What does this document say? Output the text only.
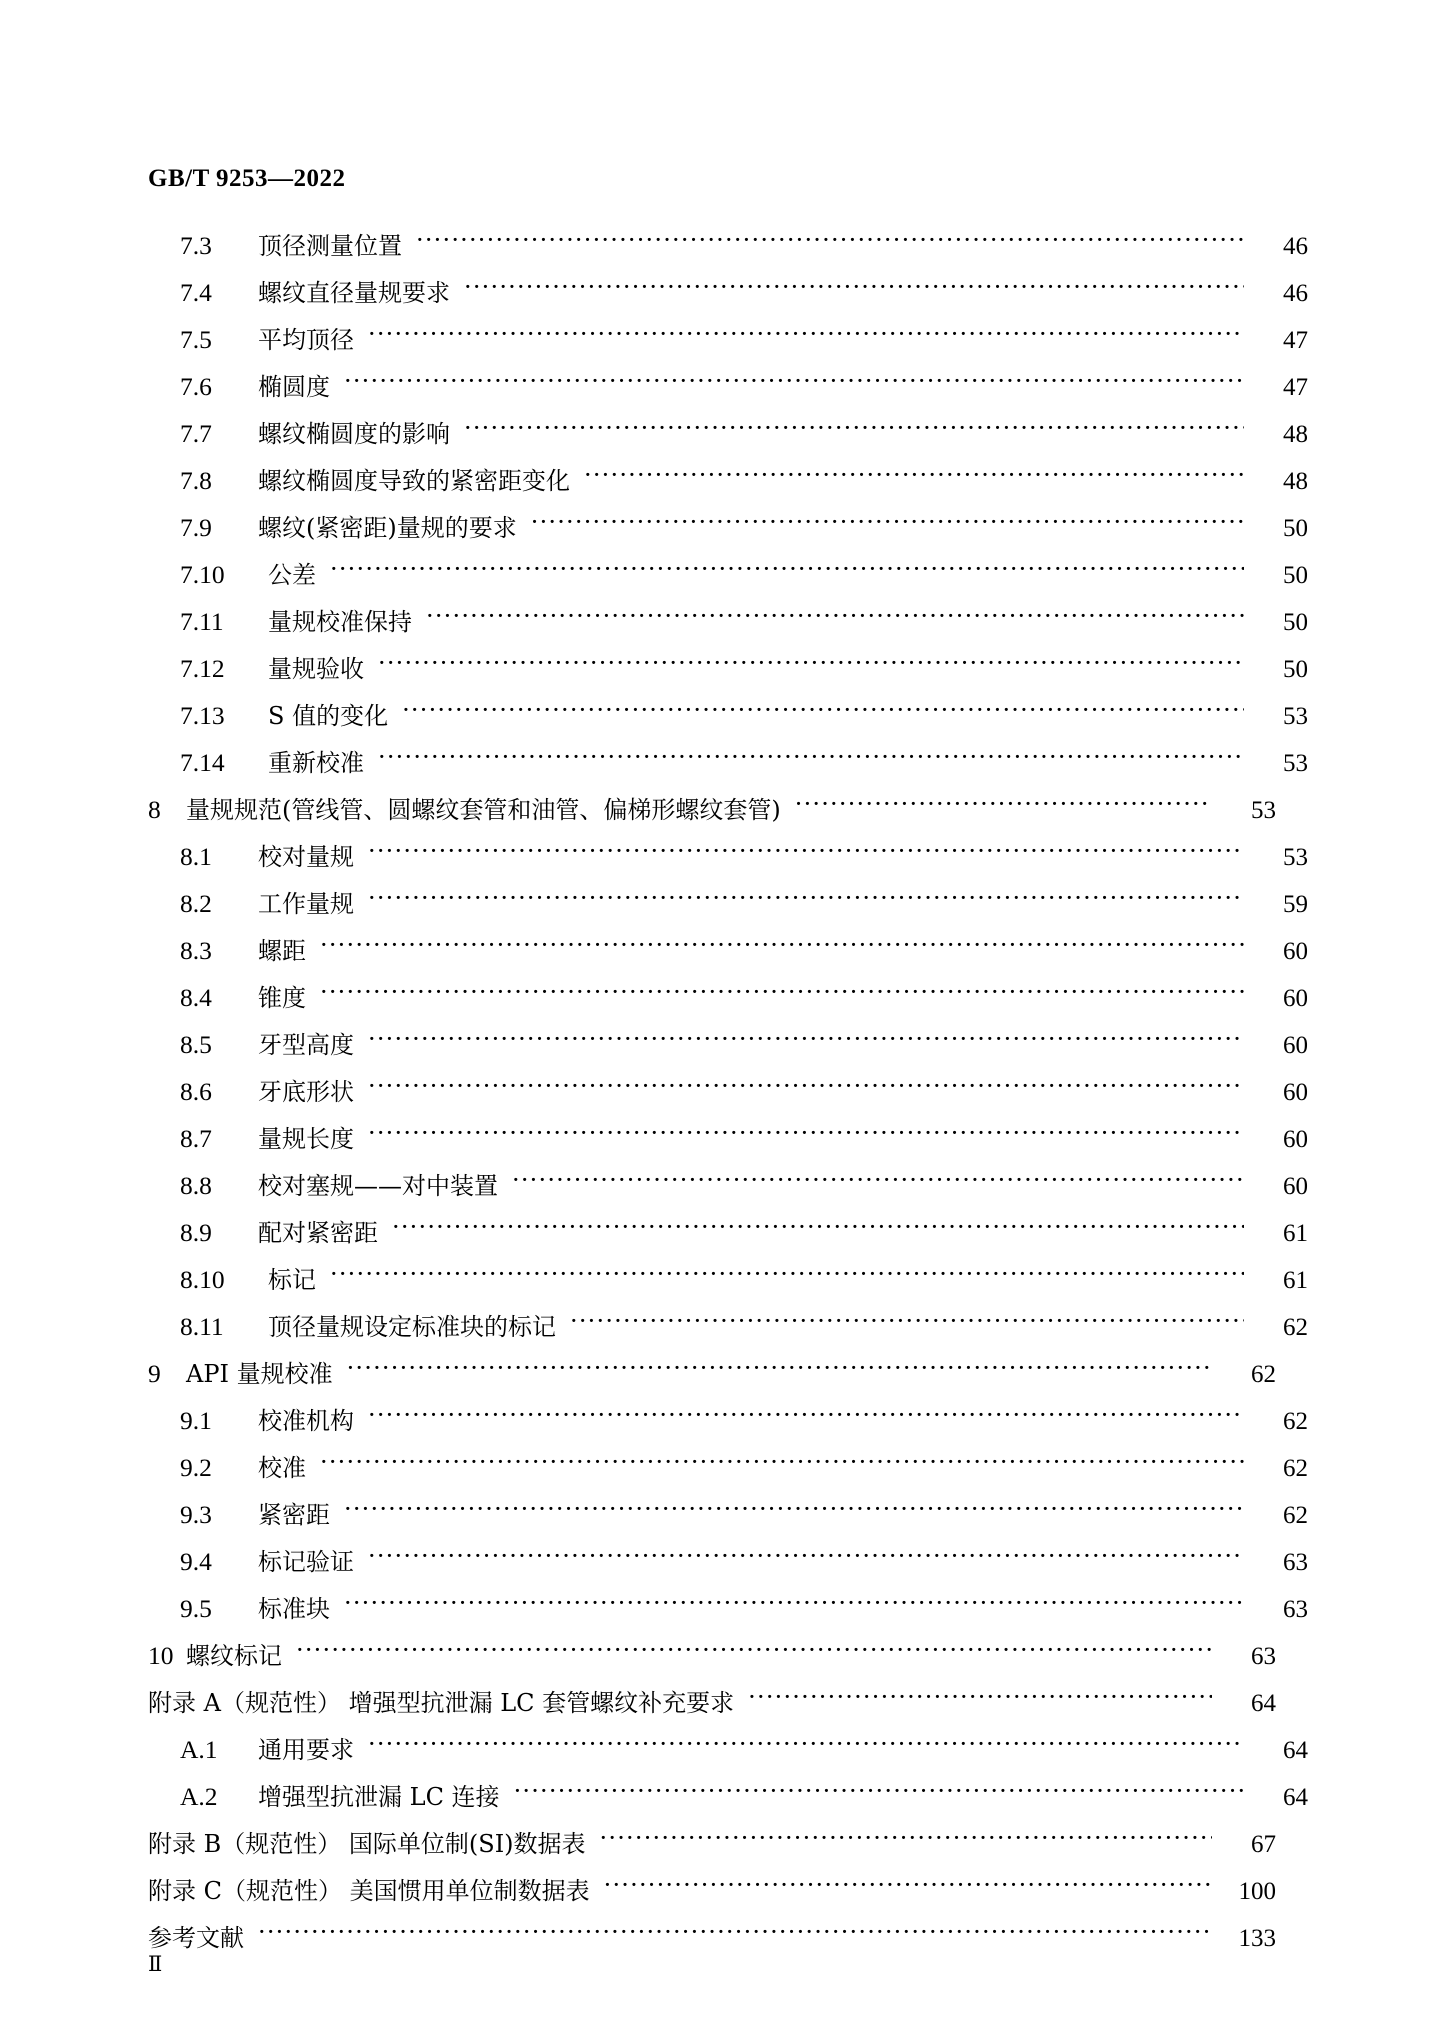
GB/T 9253—2022
7.3	顶径测量位置 ·····	46
7.4	螺纹直径量规要求 ·····	46
7.5	平均顶径 ·····	47
7.6	椭圆度 ·····	47
7.7	螺纹椭圆度的影响 ·····	48
7.8	螺纹椭圆度导致的紧密距变化 ·····	48
7.9	螺纹(紧密距)量规的要求 ·····	50
7.10	公差 ·····	50
7.11	量规校准保持 ·····	50
7.12	量规验收 ·····	50
7.13	S 值的变化 ·····	53
7.14	重新校准 ·····	53
8	量规规范(管线管、圆螺纹套管和油管、偏梯形螺纹套管) ·····	53
8.1	校对量规 ·····	53
8.2	工作量规 ·····	59
8.3	螺距 ·····	60
8.4	锥度 ·····	60
8.5	牙型高度 ·····	60
8.6	牙底形状 ·····	60
8.7	量规长度 ·····	60
8.8	校对塞规——对中装置 ·····	60
8.9	配对紧密距 ·····	61
8.10	标记 ·····	61
8.11	顶径量规设定标准块的标记 ·····	62
9	API 量规校准 ·····	62
9.1	校准机构 ·····	62
9.2	校准 ·····	62
9.3	紧密距 ·····	62
9.4	标记验证 ·····	63
9.5	标准块 ·····	63
10 螺纹标记 ·····	63
附录 A（规范性） 增强型抗泄漏 LC 套管螺纹补充要求 ·····	64
A.1	通用要求 ·····	64
A.2	增强型抗泄漏 LC 连接 ·····	64
附录 B（规范性） 国际单位制(SI)数据表 ·····	67
附录 C（规范性） 美国惯用单位制数据表 ·····	100
参考文献 ·····	133
Ⅱ
